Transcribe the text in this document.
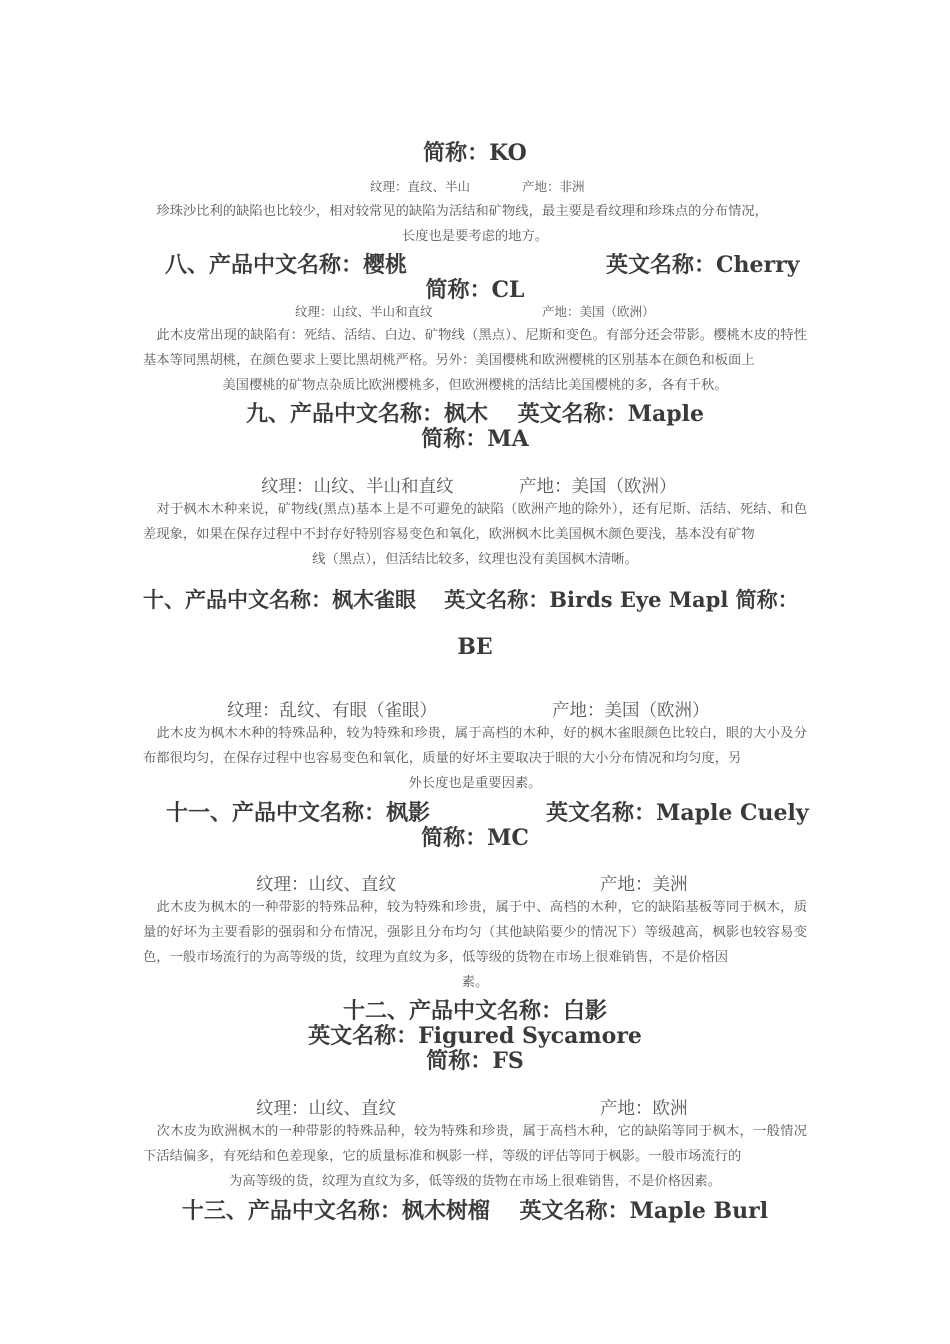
简称：KO
纹理：直纹、半山	产地：非洲
　珍珠沙比利的缺陷也比较少，相对较常见的缺陷为活结和矿物线，最主要是看纹理和珍珠点的分布情况，
长度也是要考虑的地方。
八、产品中文名称：樱桃	英文名称：Cherry
简称：CL
纹理：山纹、半山和直纹	产地：美国（欧洲）
　此木皮常出现的缺陷有：死结、活结、白边、矿物线（黑点）、尼斯和变色。有部分还会带影。樱桃木皮的特性基本等同黑胡桃，在颜色要求上要比黑胡桃严格。另外：美国樱桃和欧洲樱桃的区别基本在颜色和板面上
美国樱桃的矿物点杂质比欧洲樱桃多，但欧洲樱桃的活结比美国樱桃的多，各有千秋。
九、产品中文名称：枫木　 英文名称：Maple
简称：MA
纹理：山纹、半山和直纹	产地：美国（欧洲）
　对于枫木木种来说，矿物线(黑点)基本上是不可避免的缺陷（欧洲产地的除外），还有尼斯、活结、死结、和色差现象，如果在保存过程中不封存好特别容易变色和氧化，欧洲枫木比美国枫木颜色要浅，基本没有矿物
线（黑点），但活结比较多，纹理也没有美国枫木清晰。
十、产品中文名称：枫木雀眼　 英文名称：Birds Eye Mapl 简称：
BE
纹理：乱纹、有眼（雀眼）	产地：美国（欧洲）
　此木皮为枫木木种的特殊品种，较为特殊和珍贵，属于高档的木种，好的枫木雀眼颜色比较白，眼的大小及分布都很均匀，在保存过程中也容易变色和氧化，质量的好坏主要取决于眼的大小分布情况和均匀度，另
外长度也是重要因素。
十一、产品中文名称：枫影	英文名称：Maple Cuely
简称：MC
纹理：山纹、直纹	产地：美洲
　此木皮为枫木的一种带影的特殊品种，较为特殊和珍贵，属于中、高档的木种，它的缺陷基板等同于枫木，质量的好坏为主要看影的强弱和分布情况，强影且分布均匀（其他缺陷要少的情况下）等级越高，枫影也较容易变色，一般市场流行的为高等级的货，纹理为直纹为多，低等级的货物在市场上很难销售，不是价格因
素。
十二、产品中文名称：白影
英文名称：Figured Sycamore
简称：FS
纹理：山纹、直纹	产地：欧洲
　次木皮为欧洲枫木的一种带影的特殊品种，较为特殊和珍贵，属于高档木种，它的缺陷等同于枫木，一般情况下活结偏多，有死结和色差现象，它的质量标准和枫影一样，等级的评估等同于枫影。一般市场流行的
为高等级的货，纹理为直纹为多，低等级的货物在市场上很难销售，不是价格因素。
十三、产品中文名称：枫木树榴　 英文名称：Maple Burl
